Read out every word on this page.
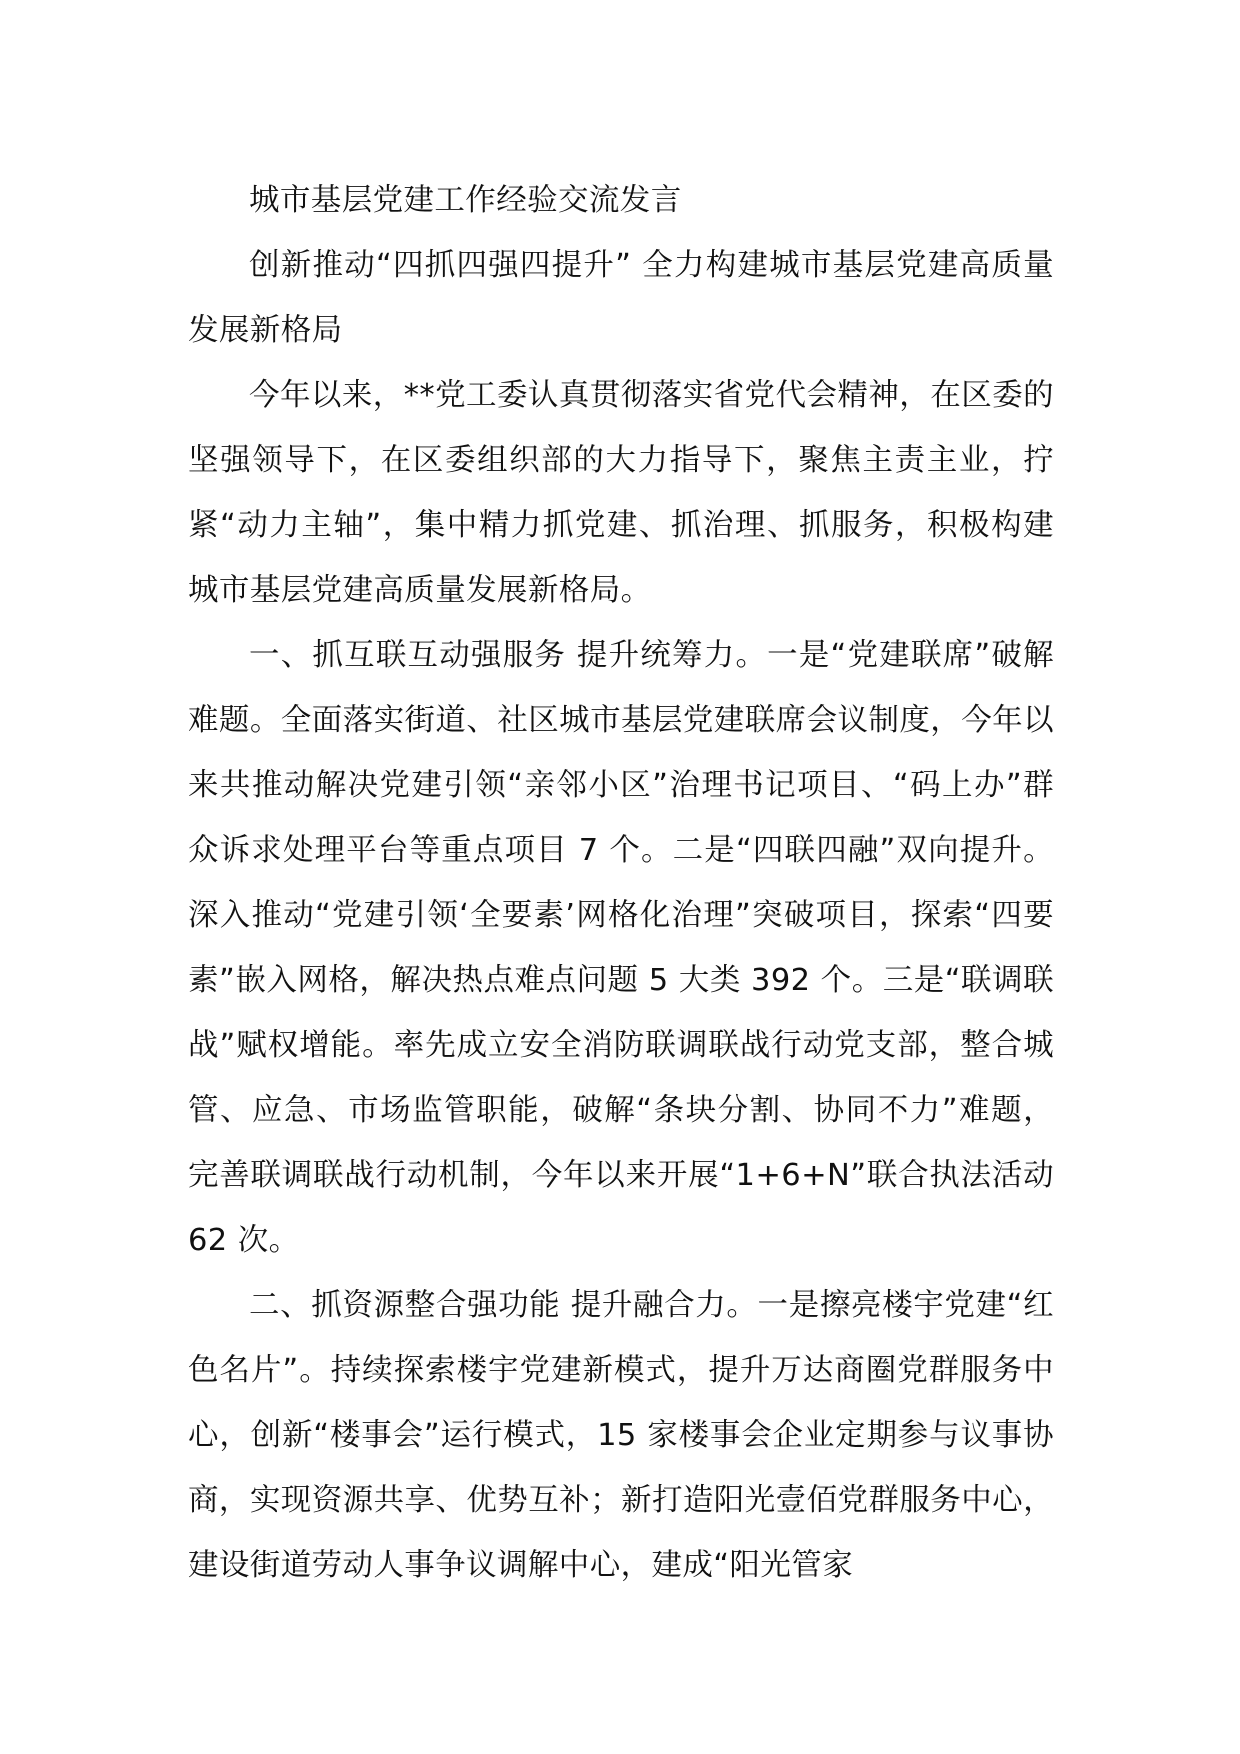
城市基层党建工作经验交流发言

创新推动“四抓四强四提升” 全力构建城市基层党建高质量发展新格局

今年以来，**党工委认真贯彻落实省党代会精神，在区委的坚强领导下，在区委组织部的大力指导下，聚焦主责主业，拧紧“动力主轴”，集中精力抓党建、抓治理、抓服务，积极构建城市基层党建高质量发展新格局。

一、抓互联互动强服务 提升统筹力。一是“党建联席”破解难题。全面落实街道、社区城市基层党建联席会议制度，今年以来共推动解决党建引领“亲邻小区”治理书记项目、“码上办”群众诉求处理平台等重点项目 7 个。二是“四联四融”双向提升。深入推动“党建引领‘全要素’网格化治理”突破项目，探索“四要素”嵌入网格，解决热点难点问题 5 大类 392 个。三是“联调联战”赋权增能。率先成立安全消防联调联战行动党支部，整合城管、应急、市场监管职能，破解“条块分割、协同不力”难题，完善联调联战行动机制，今年以来开展“1+6+N”联合执法活动 62 次。

二、抓资源整合强功能 提升融合力。一是擦亮楼宇党建“红色名片”。持续探索楼宇党建新模式，提升万达商圈党群服务中心，创新“楼事会”运行模式，15 家楼事会企业定期参与议事协商，实现资源共享、优势互补；新打造阳光壹佰党群服务中心，建设街道劳动人事争议调解中心，建成“阳光管家
